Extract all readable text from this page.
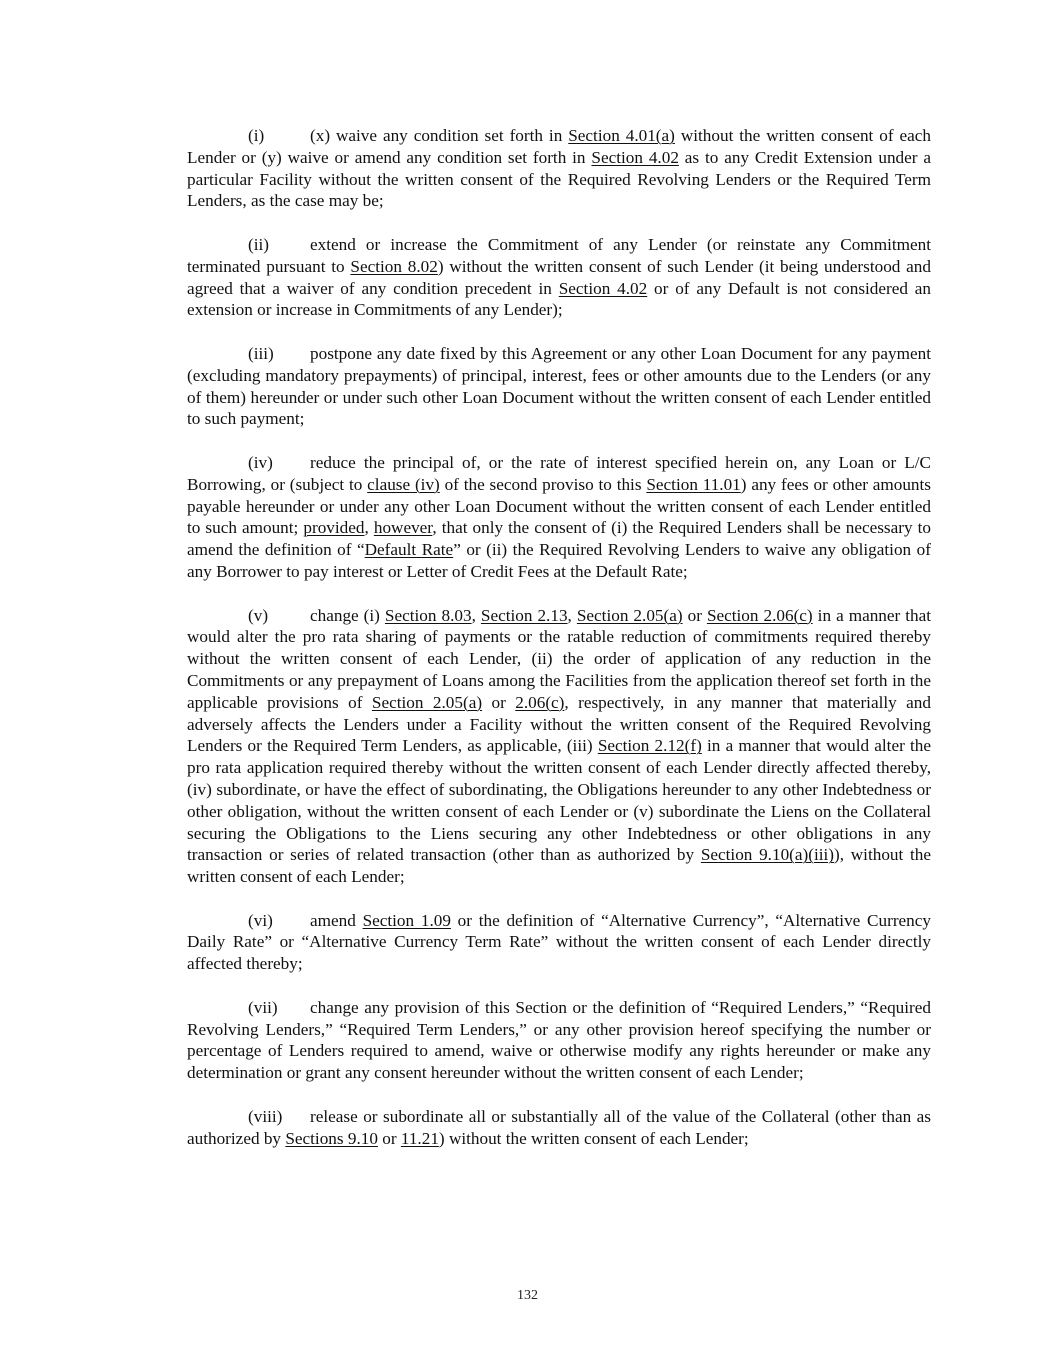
(i)	(x) waive any condition set forth in Section 4.01(a) without the written consent of each Lender or (y) waive or amend any condition set forth in Section 4.02 as to any Credit Extension under a particular Facility without the written consent of the Required Revolving Lenders or the Required Term Lenders, as the case may be;

(ii) extend or increase the Commitment of any Lender (or reinstate any Commitment terminated pursuant to Section 8.02) without the written consent of such Lender (it being understood and agreed that a waiver of any condition precedent in Section 4.02 or of any Default is not considered an extension or increase in Commitments of any Lender);

(iii) postpone any date fixed by this Agreement or any other Loan Document for any payment (excluding mandatory prepayments) of principal, interest, fees or other amounts due to the Lenders (or any of them) hereunder or under such other Loan Document without the written consent of each Lender entitled to such payment;

(iv) reduce the principal of, or the rate of interest specified herein on, any Loan or L/C Borrowing, or (subject to clause (iv) of the second proviso to this Section 11.01) any fees or other amounts payable hereunder or under any other Loan Document without the written consent of each Lender entitled to such amount; provided, however, that only the consent of (i) the Required Lenders shall be necessary to amend the definition of “Default Rate” or (ii) the Required Revolving Lenders to waive any obligation of any Borrower to pay interest or Letter of Credit Fees at the Default Rate;

(v) change (i) Section 8.03, Section 2.13, Section 2.05(a) or Section 2.06(c) in a manner that would alter the pro rata sharing of payments or the ratable reduction of commitments required thereby without the written consent of each Lender, (ii) the order of application of any reduction in the Commitments or any prepayment of Loans among the Facilities from the application thereof set forth in the applicable provisions of Section 2.05(a) or 2.06(c), respectively, in any manner that materially and adversely affects the Lenders under a Facility without the written consent of the Required Revolving Lenders or the Required Term Lenders, as applicable, (iii) Section 2.12(f) in a manner that would alter the pro rata application required thereby without the written consent of each Lender directly affected thereby, (iv) subordinate, or have the effect of subordinating, the Obligations hereunder to any other Indebtedness or other obligation, without the written consent of each Lender or (v) subordinate the Liens on the Collateral securing the Obligations to the Liens securing any other Indebtedness or other obligations in any transaction or series of related transaction (other than as authorized by Section 9.10(a)(iii)), without the written consent of each Lender;

(vi) amend Section 1.09 or the definition of “Alternative Currency”, “Alternative Currency Daily Rate” or “Alternative Currency Term Rate” without the written consent of each Lender directly affected thereby;

(vii) change any provision of this Section or the definition of “Required Lenders,” “Required Revolving Lenders,” “Required Term Lenders,” or any other provision hereof specifying the number or percentage of Lenders required to amend, waive or otherwise modify any rights hereunder or make any determination or grant any consent hereunder without the written consent of each Lender;

(viii) release or subordinate all or substantially all of the value of the Collateral (other than as authorized by Sections 9.10 or 11.21) without the written consent of each Lender;

132
